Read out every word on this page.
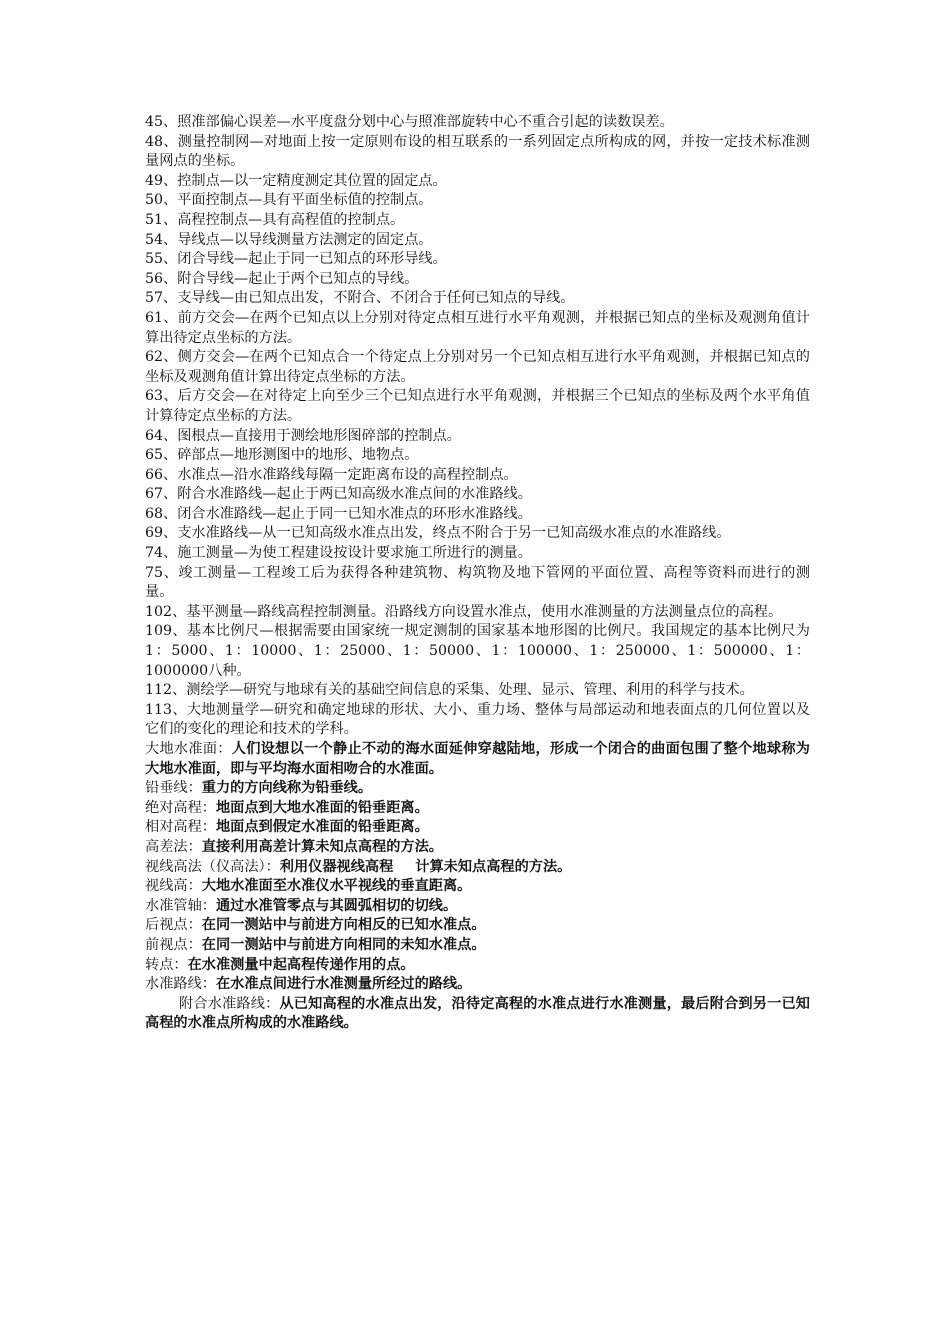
45、照准部偏心误差—水平度盘分划中心与照准部旋转中心不重合引起的读数误差。

48、测量控制网—对地面上按一定原则布设的相互联系的一系列固定点所构成的网，并按一定技术标准测量网点的坐标。

49、控制点—以一定精度测定其位置的固定点。

50、平面控制点—具有平面坐标值的控制点。

51、高程控制点—具有高程值的控制点。

54、导线点—以导线测量方法测定的固定点。

55、闭合导线—起止于同一已知点的环形导线。

56、附合导线—起止于两个已知点的导线。

57、支导线—由已知点出发，不附合、不闭合于任何已知点的导线。

61、前方交会—在两个已知点以上分别对待定点相互进行水平角观测，并根据已知点的坐标及观测角值计算出待定点坐标的方法。

62、侧方交会—在两个已知点合一个待定点上分别对另一个已知点相互进行水平角观测，并根据已知点的坐标及观测角值计算出待定点坐标的方法。

63、后方交会—在对待定上向至少三个已知点进行水平角观测，并根据三个已知点的坐标及两个水平角值计算待定点坐标的方法。

64、图根点—直接用于测绘地形图碎部的控制点。

65、碎部点—地形测图中的地形、地物点。

66、水准点—沿水准路线每隔一定距离布设的高程控制点。

67、附合水准路线—起止于两已知高级水准点间的水准路线。

68、闭合水准路线—起止于同一已知水准点的环形水准路线。

69、支水准路线—从一已知高级水准点出发，终点不附合于另一已知高级水准点的水准路线。

74、施工测量—为使工程建设按设计要求施工所进行的测量。

75、竣工测量—工程竣工后为获得各种建筑物、构筑物及地下管网的平面位置、高程等资料而进行的测量。

102、基平测量—路线高程控制测量。沿路线方向设置水准点，使用水准测量的方法测量点位的高程。

109、基本比例尺—根据需要由国家统一规定测制的国家基本地形图的比例尺。我国规定的基本比例尺为1：5000、1：10000、1：25000、1：50000、1：100000、1：250000、1：500000、1：1000000八种。

112、测绘学—研究与地球有关的基础空间信息的采集、处理、显示、管理、利用的科学与技术。

113、大地测量学—研究和确定地球的形状、大小、重力场、整体与局部运动和地表面点的几何位置以及它们的变化的理论和技术的学科。

大地水准面：人们设想以一个静止不动的海水面延伸穿越陆地，形成一个闭合的曲面包围了整个地球称为大地水准面，即与平均海水面相吻合的水准面。

铅垂线：重力的方向线称为铅垂线。

绝对高程：地面点到大地水准面的铅垂距离。

相对高程：地面点到假定水准面的铅垂距离。

高差法：直接利用高差计算未知点高程的方法。

视线高法（仪高法）：利用仪器视线高程 计算未知点高程的方法。

视线高：大地水准面至水准仪水平视线的垂直距离。

水准管轴：通过水准管零点与其圆弧相切的切线。

后视点：在同一测站中与前进方向相反的已知水准点。

前视点：在同一测站中与前进方向相同的未知水准点。

转点：在水准测量中起高程传递作用的点。

水准路线：在水准点间进行水准测量所经过的路线。

附合水准路线：从已知高程的水准点出发，沿待定高程的水准点进行水准测量，最后附合到另一已知高程的水准点所构成的水准路线。
